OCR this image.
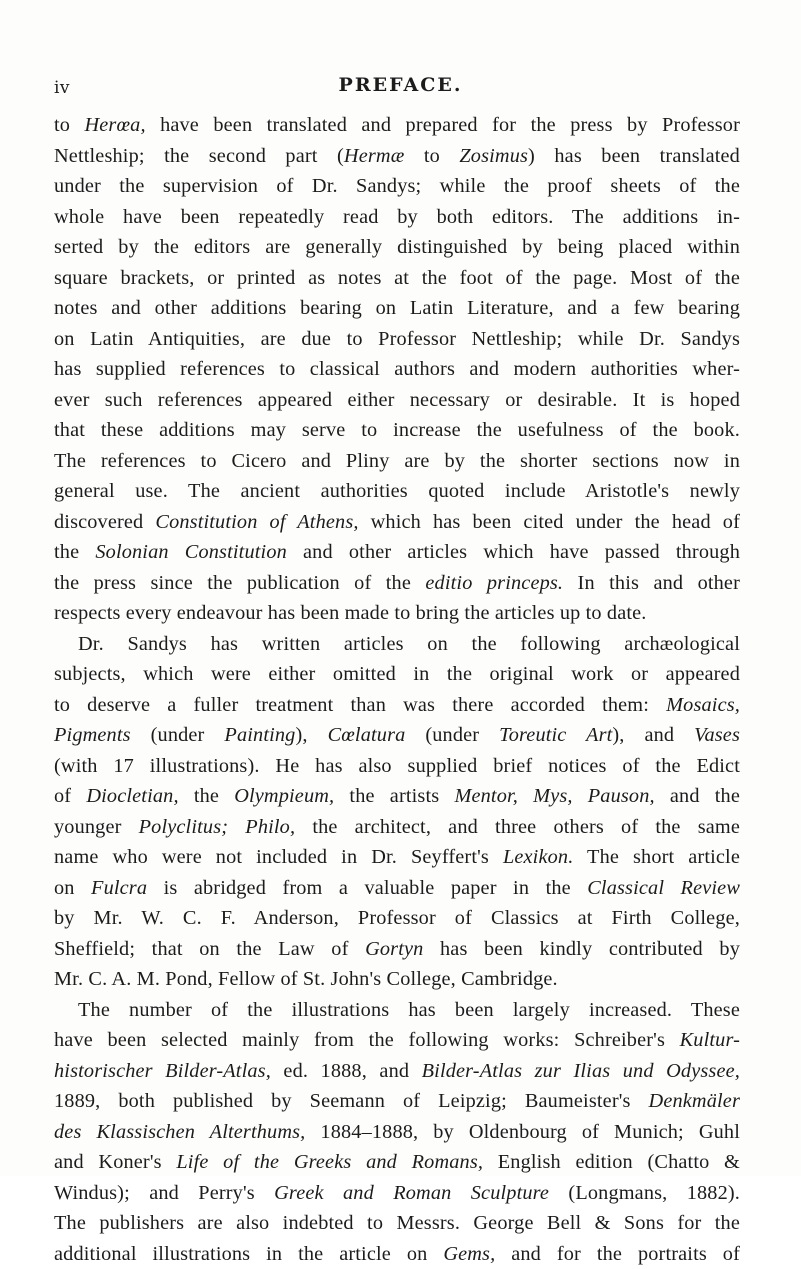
iv	PREFACE.
to Herœa, have been translated and prepared for the press by Professor
Nettleship; the second part (Hermæ to Zosimus) has been translated
under the supervision of Dr. Sandys; while the proof sheets of the
whole have been repeatedly read by both editors. The additions in-
serted by the editors are generally distinguished by being placed within
square brackets, or printed as notes at the foot of the page. Most of the
notes and other additions bearing on Latin Literature, and a few bearing
on Latin Antiquities, are due to Professor Nettleship; while Dr. Sandys
has supplied references to classical authors and modern authorities wher-
ever such references appeared either necessary or desirable. It is hoped
that these additions may serve to increase the usefulness of the book.
The references to Cicero and Pliny are by the shorter sections now in
general use. The ancient authorities quoted include Aristotle's newly
discovered Constitution of Athens, which has been cited under the head of
the Solonian Constitution and other articles which have passed through
the press since the publication of the editio princeps. In this and other
respects every endeavour has been made to bring the articles up to date.
Dr. Sandys has written articles on the following archæological
subjects, which were either omitted in the original work or appeared
to deserve a fuller treatment than was there accorded them: Mosaics,
Pigments (under Painting), Cœlatura (under Toreutic Art), and Vases
(with 17 illustrations). He has also supplied brief notices of the Edict
of Diocletian, the Olympieum, the artists Mentor, Mys, Pauson, and the
younger Polyclitus; Philo, the architect, and three others of the same
name who were not included in Dr. Seyffert's Lexikon. The short article
on Fulcra is abridged from a valuable paper in the Classical Review
by Mr. W. C. F. Anderson, Professor of Classics at Firth College,
Sheffield; that on the Law of Gortyn has been kindly contributed by
Mr. C. A. M. Pond, Fellow of St. John's College, Cambridge.
The number of the illustrations has been largely increased. These
have been selected mainly from the following works: Schreiber's Kultur-
historischer Bilder-Atlas, ed. 1888, and Bilder-Atlas zur Ilias und Odyssee,
1889, both published by Seemann of Leipzig; Baumeister's Denkmäler
des Klassischen Alterthums, 1884–1888, by Oldenbourg of Munich; Guhl
and Koner's Life of the Greeks and Romans, English edition (Chatto &
Windus); and Perry's Greek and Roman Sculpture (Longmans, 1882).
The publishers are also indebted to Messrs. George Bell & Sons for the
additional illustrations in the article on Gems, and for the portraits of
